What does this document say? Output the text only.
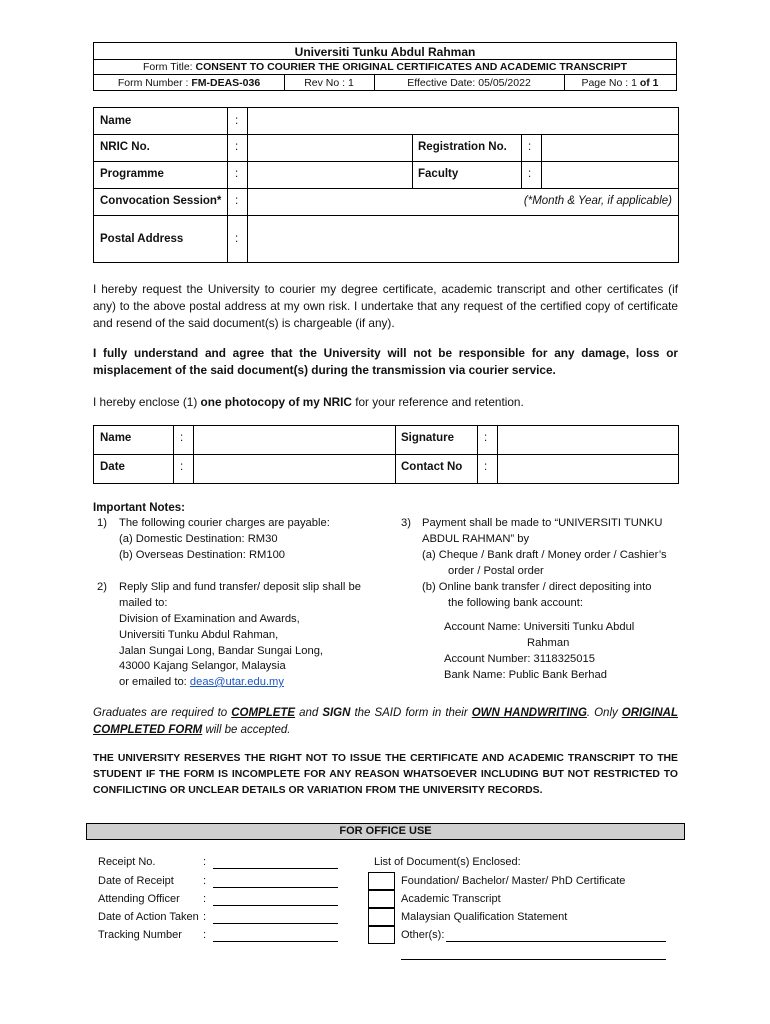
Universiti Tunku Abdul Rahman
Form Title: CONSENT TO COURIER THE ORIGINAL CERTIFICATES AND ACADEMIC TRANSCRIPT
Form Number : FM-DEAS-036	Rev No : 1	Effective Date: 05/05/2022	Page No : 1 of 1
Name	:
NRIC No.	:	Registration No. :
Programme	:	Faculty	:
Convocation Session* :	(*Month & Year, if applicable)
Postal Address	:
I hereby request the University to courier my degree certificate, academic transcript and other certificates (if any) to the above postal address at my own risk. I undertake that any request of the certified copy of certificate and resend of the said document(s) is chargeable (if any).
I fully understand and agree that the University will not be responsible for any damage, loss or misplacement of the said document(s) during the transmission via courier service.
I hereby enclose (1) one photocopy of my NRIC for your reference and retention.
Name	:	Signature	:
Date	:	Contact No :
Important Notes:
1) The following courier charges are payable:
(a) Domestic Destination: RM30
(b) Overseas Destination: RM100
2) Reply Slip and fund transfer/ deposit slip shall be
mailed to:
Division of Examination and Awards,
Universiti Tunku Abdul Rahman,
Jalan Sungai Long, Bandar Sungai Long,
43000 Kajang Selangor, Malaysia
or emailed to: deas@utar.edu.my
3) Payment shall be made to “UNIVERSITI TUNKU
ABDUL RAHMAN” by
(a) Cheque / Bank draft / Money order / Cashier’s
order / Postal order
(b) Online bank transfer / direct depositing into
the following bank account:
Account Name: Universiti Tunku Abdul
Rahman
Account Number: 3118325015
Bank Name: Public Bank Berhad
Graduates are required to COMPLETE and SIGN the SAID form in their OWN HANDWRITING. Only ORIGINAL COMPLETED FORM will be accepted.
THE UNIVERSITY RESERVES THE RIGHT NOT TO ISSUE THE CERTIFICATE AND ACADEMIC TRANSCRIPT TO THE STUDENT IF THE FORM IS INCOMPLETE FOR ANY REASON WHATSOEVER INCLUDING BUT NOT RESTRICTED TO CONFILICTING OR UNCLEAR DETAILS OR VARIATION FROM THE UNIVERSITY RECORDS.
FOR OFFICE USE
Receipt No.	:
Date of Receipt	:
Attending Officer :
Date of Action Taken :
Tracking Number :
List of Document(s) Enclosed:
Foundation/ Bachelor/ Master/ PhD Certificate
Academic Transcript
Malaysian Qualification Statement
Other(s):
